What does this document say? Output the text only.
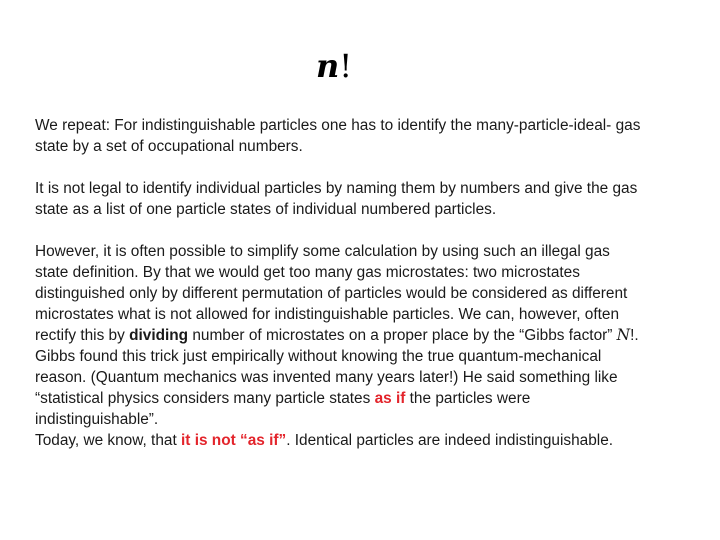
n!
We repeat: For indistinguishable particles one has to identify the many-particle-ideal- gas
state by a set of occupational numbers.
It is not legal to identify individual particles by naming them by numbers and give the gas
state as a list of one particle states of individual numbered particles.
However, it is often possible to simplify some calculation by using such an illegal gas
state definition. By that we would get too many gas microstates: two microstates
distinguished only by different permutation of particles would be considered as different
microstates what is not allowed for indistinguishable particles. We can, however, often
rectify this by dividing number of microstates on a proper place by the “Gibbs factor” N!.
Gibbs found this trick just empirically without knowing the true quantum-mechanical
reason. (Quantum mechanics was invented many years later!) He said something like
“statistical physics considers many particle states as if the particles were
indistinguishable”.
Today, we know, that it is not “as if”. Identical particles are indeed indistinguishable.
